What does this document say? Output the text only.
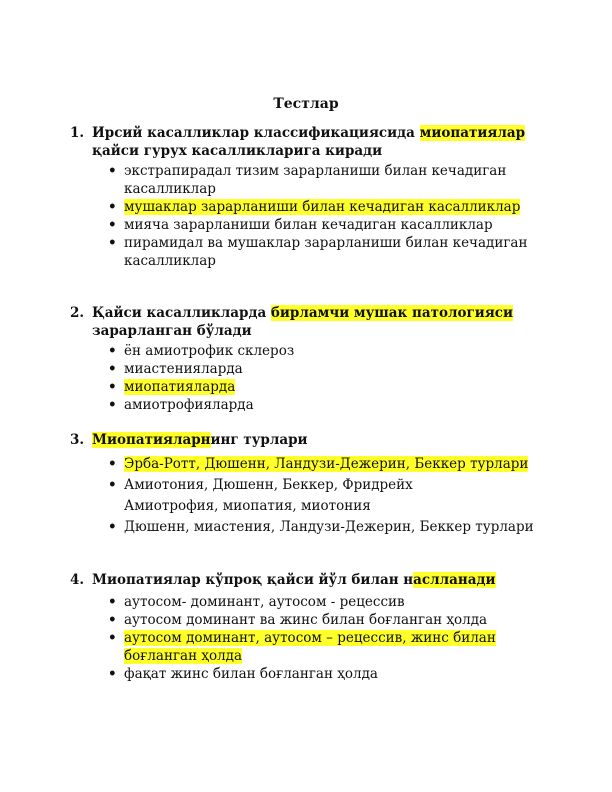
Тестлар
1. Ирсий касалликлар классификациясида миопатиялар қайси гурух касалликларига киради
• экстрапирадал тизим зарарланиши билан кечадиган касалликлар
• мушаклар зарарланиши билан кечадиган касалликлар
• мияча зарарланиши билан кечадиган касалликлар
• пирамидал ва мушаклар зарарланиши билан кечадиган касалликлар
2. Қайси касалликларда бирламчи мушак патологияси зарарланган бўлади
• ён амиотрофик склероз
• миастенияларда
• миопатияларда
• амиотрофияларда
3. Миопатияларнинг турлари
• Эрба-Ротт, Дюшенн, Ландузи-Дежерин, Беккер турлари
• Амиотония, Дюшенн, Беккер, Фридрейх
Амиотрофия, миопатия, миотония
• Дюшенн, миастения, Ландузи-Дежерин, Беккер турлари
4. Миопатиялар кўпроқ қайси йўл билан наслланади
• аутосом- доминант, аутосом - рецессив
• аутосом доминант ва жинс билан боғланган ҳолда
• аутосом доминант, аутосом – рецессив, жинс билан боғланган ҳолда
• фақат жинс билан боғланган ҳолда
